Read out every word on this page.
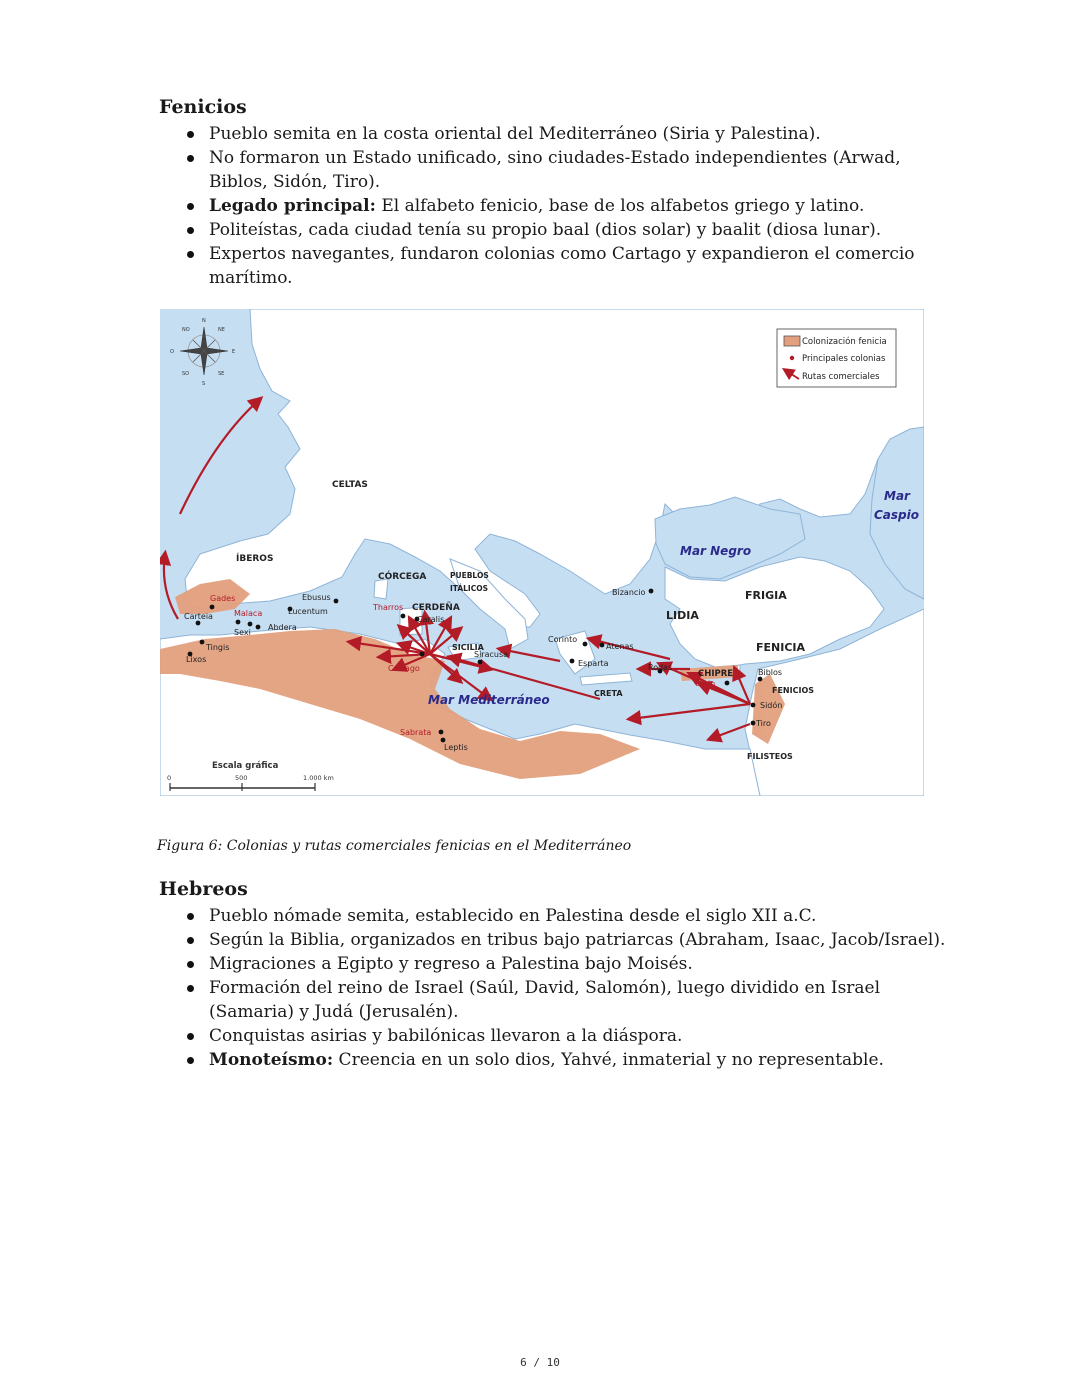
Fenicios
Pueblo semita en la costa oriental del Mediterráneo (Siria y Palestina).
No formaron un Estado unificado, sino ciudades-Estado independientes (Arwad, Biblos, Sidón, Tiro).
Legado principal: El alfabeto fenicio, base de los alfabetos griego y latino.
Politeístas, cada ciudad tenía su propio baal (dios solar) y baalit (diosa lunar).
Expertos navegantes, fundaron colonias como Cartago y expandieron el comercio marítimo.
Colonización fenicia
Principales colonias
Rutas comerciales
N
NE
E
SE
S
SO
O
NO
Escala gráfica
0	500	1.000 km
Mar
Caspio
Mar Negro
Mar Mediterráneo
CELTAS
ÍBEROS
CÓRCEGA	PUEBLOS
ITÁLICOS
CERDEÑA
SICILIA
CRETA
LIDIA
FRIGIA
FENICIA
FENICIOS
CHIPRE
FILISTEOS
Gades
Malaca
Carteia
Sexi
Abdera
Ebusus
Lucentum
Tingis
Lixos
Tharros
Caralis
Cartago
Siracusa
Sabrata
Leptis
Corinto
Atenas
Esparta
Bizancio
Rodas
Citión
Biblos
Sidón
Tiro

Figura 6: Colonias y rutas comerciales fenicias en el Mediterráneo

Hebreos
Pueblo nómade semita, establecido en Palestina desde el siglo XII a.C.
Según la Biblia, organizados en tribus bajo patriarcas (Abraham, Isaac, Jacob/Israel).
Migraciones a Egipto y regreso a Palestina bajo Moisés.
Formación del reino de Israel (Saúl, David, Salomón), luego dividido en Israel (Samaria) y Judá (Jerusalén).
Conquistas asirias y babilónicas llevaron a la diáspora.
Monoteísmo: Creencia en un solo dios, Yahvé, inmaterial y no representable.
6 / 10
